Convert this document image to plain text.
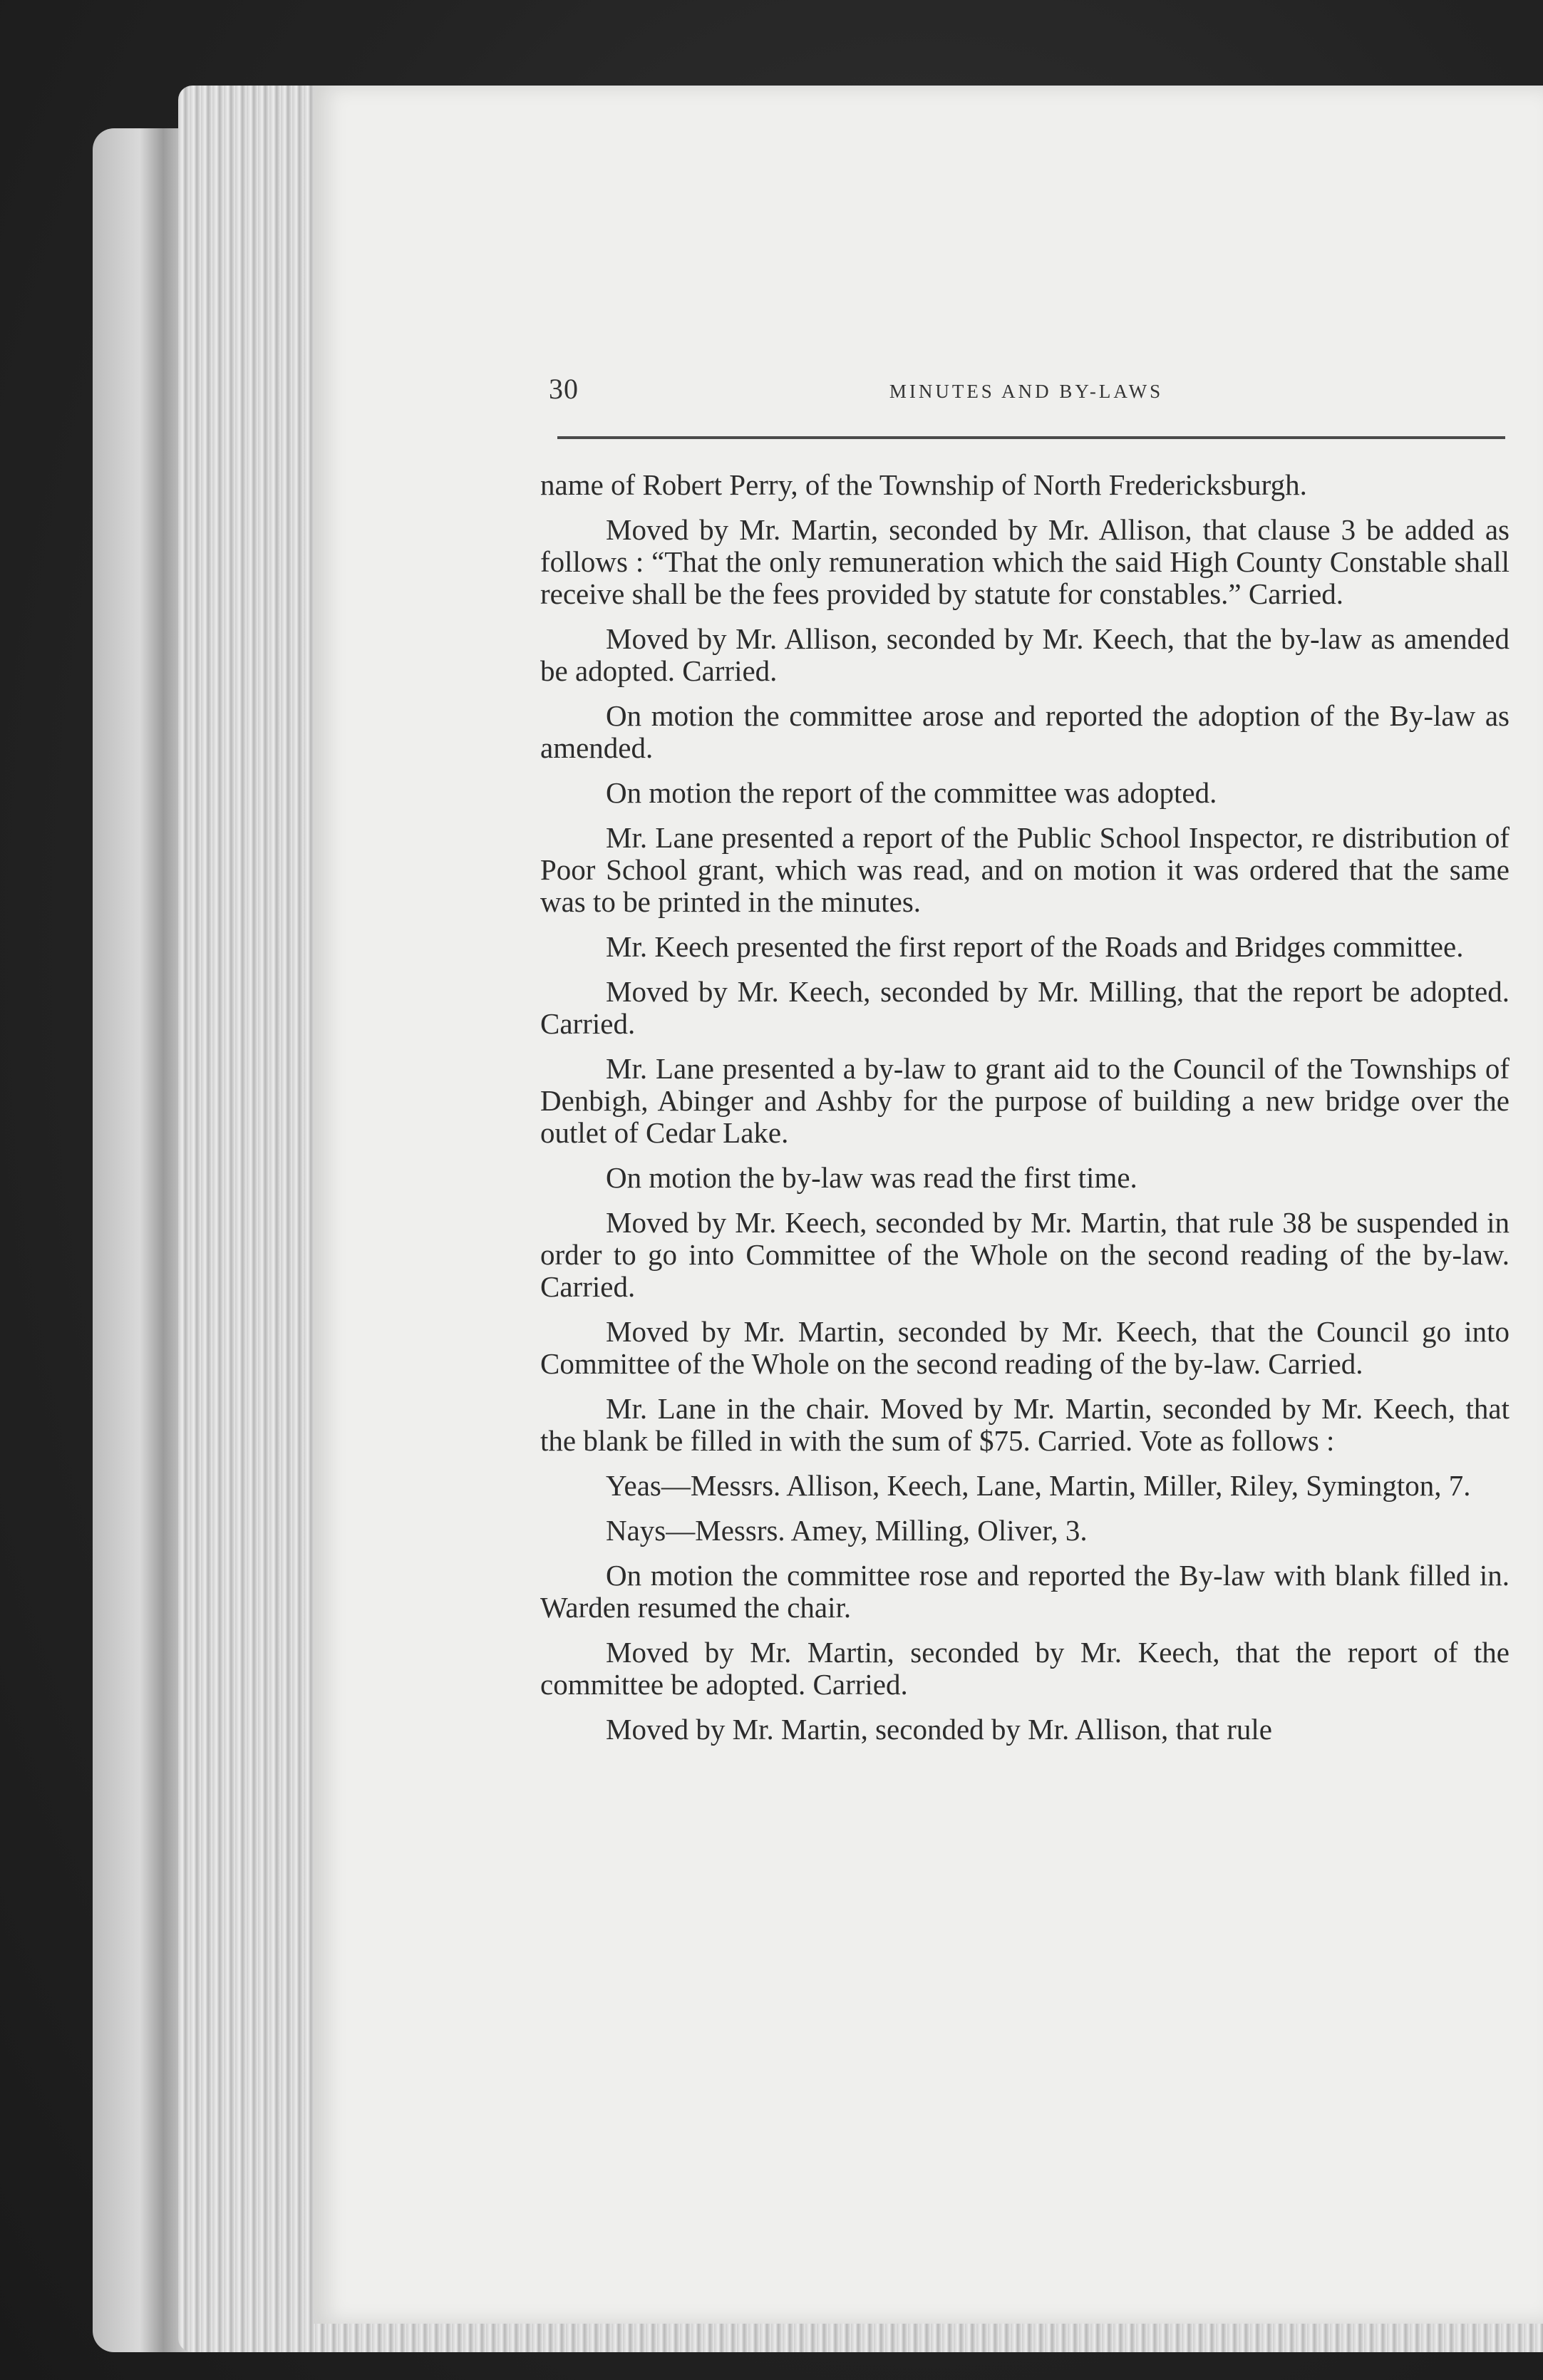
30	MINUTES AND BY-LAWS

name of Robert Perry, of the Township of North Fredericksburgh.

Moved by Mr. Martin, seconded by Mr. Allison, that clause 3 be added as follows : “That the only remuneration which the said High County Constable shall receive shall be the fees provided by statute for constables.” Carried.

Moved by Mr. Allison, seconded by Mr. Keech, that the by-law as amended be adopted. Carried.

On motion the committee arose and reported the adoption of the By-law as amended.

On motion the report of the committee was adopted.

Mr. Lane presented a report of the Public School Inspector, re distribution of Poor School grant, which was read, and on motion it was ordered that the same was to be printed in the minutes.

Mr. Keech presented the first report of the Roads and Bridges committee.

Moved by Mr. Keech, seconded by Mr. Milling, that the report be adopted. Carried.

Mr. Lane presented a by-law to grant aid to the Council of the Townships of Denbigh, Abinger and Ashby for the purpose of building a new bridge over the outlet of Cedar Lake.

On motion the by-law was read the first time.

Moved by Mr. Keech, seconded by Mr. Martin, that rule 38 be suspended in order to go into Committee of the Whole on the second reading of the by-law. Carried.

Moved by Mr. Martin, seconded by Mr. Keech, that the Council go into Committee of the Whole on the second reading of the by-law. Carried.

Mr. Lane in the chair. Moved by Mr. Martin, seconded by Mr. Keech, that the blank be filled in with the sum of $75. Carried. Vote as follows :

Yeas—Messrs. Allison, Keech, Lane, Martin, Miller, Riley, Symington, 7.

Nays—Messrs. Amey, Milling, Oliver, 3.

On motion the committee rose and reported the By-law with blank filled in. Warden resumed the chair.

Moved by Mr. Martin, seconded by Mr. Keech, that the report of the committee be adopted. Carried.

Moved by Mr. Martin, seconded by Mr. Allison, that rule
